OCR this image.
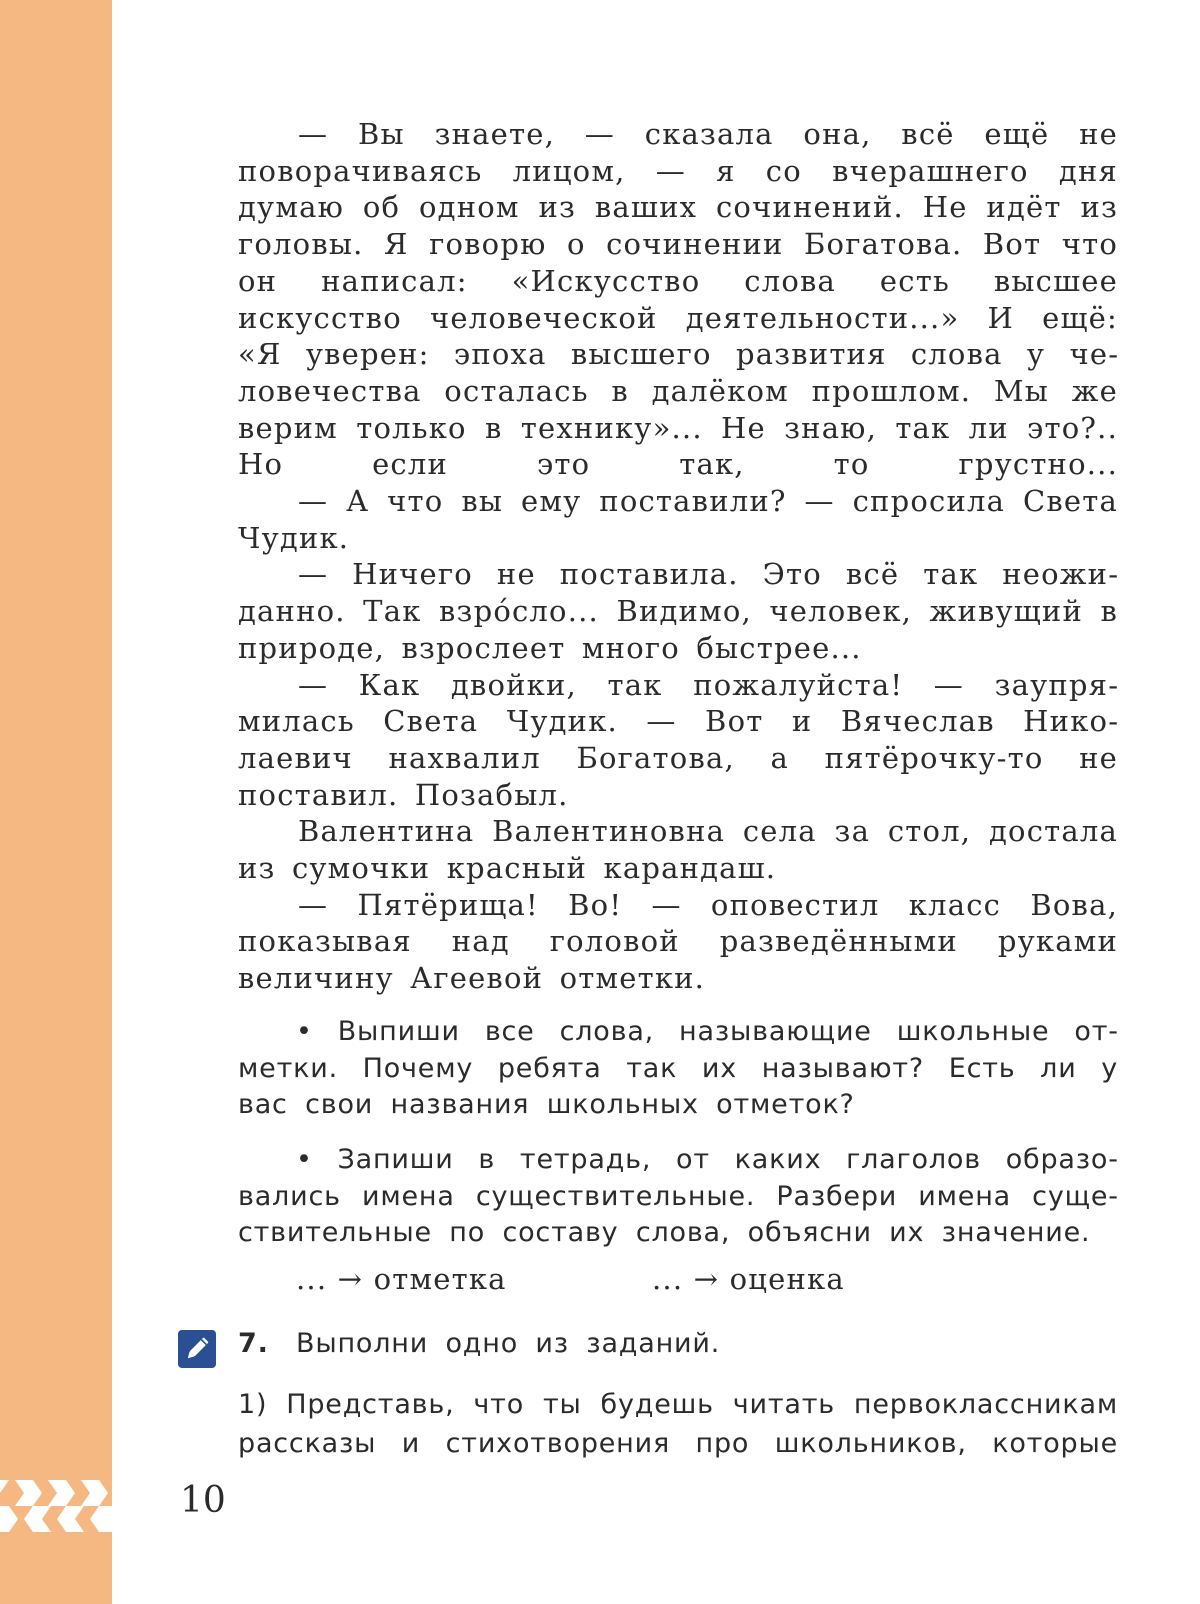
— Вы знаете, — сказала она, всё ещё не поворачиваясь лицом, — я со вчерашнего дня думаю об одном из ваших сочинений. Не идёт из головы. Я говорю о сочинении Богатова. Вот что он написал: «Искусство слова есть высшее искусство человеческой деятельности...» И ещё: «Я уверен: эпоха высшего развития слова у человечества осталась в далёком прошлом. Мы же верим только в технику»... Не знаю, так ли это?.. Но если это так, то грустно...

— А что вы ему поставили? — спросила Света Чудик.

— Ничего не поставила. Это всё так неожиданно. Так взро́сло... Видимо, человек, живущий в природе, взрослеет много быстрее...

— Как двойки, так пожалуйста! — заупрямилась Света Чудик. — Вот и Вячеслав Николаевич нахвалил Богатова, а пятёрочку-то не поставил. Позабыл.

Валентина Валентиновна села за стол, достала из сумочки красный карандаш.

— Пятёрища! Во! — оповестил класс Вова, показывая над головой разведёнными руками величину Агеевой отметки.

• Выпиши все слова, называющие школьные отметки. Почему ребята так их называют? Есть ли у вас свои названия школьных отметок?

• Запиши в тетрадь, от каких глаголов образовались имена существительные. Разбери имена существительные по составу слова, объясни их значение.

... → отметка	... → оценка
7. Выполни одно из заданий.

1) Представь, что ты будешь читать первоклассникам

рассказы и стихотворения про школьников, которые

10
